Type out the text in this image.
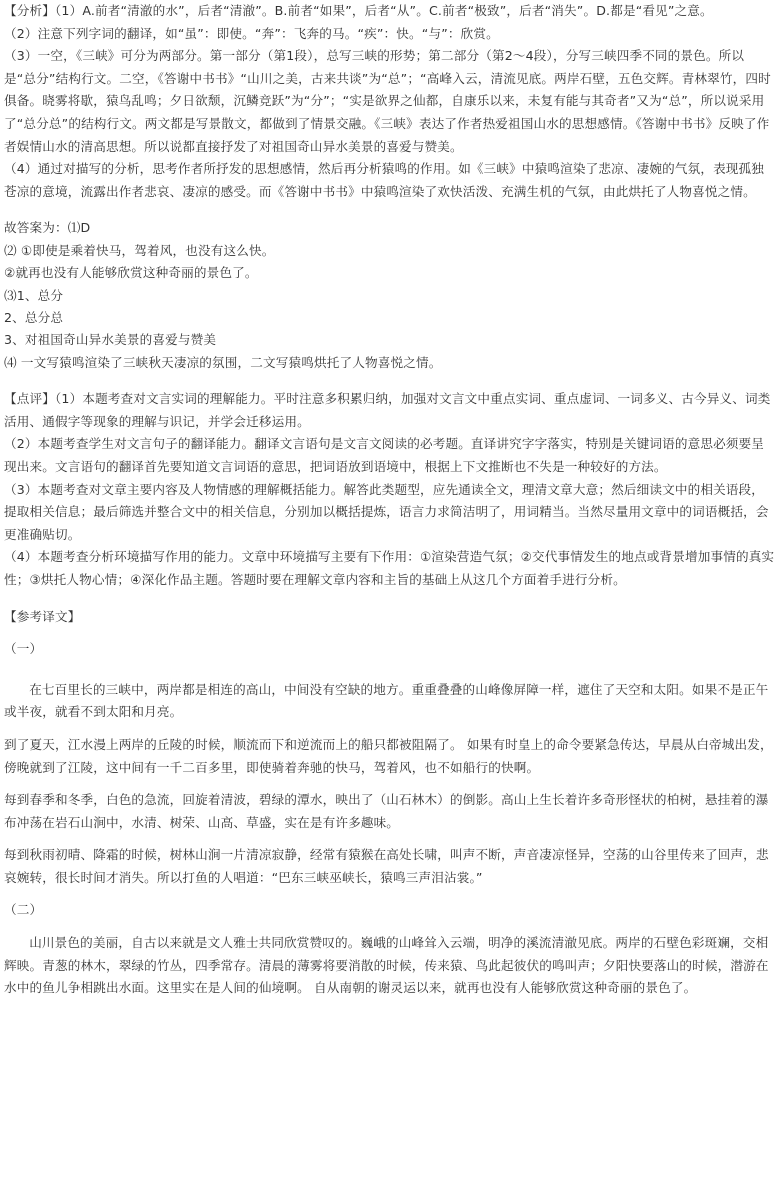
【分析】（1）A.前者“清澈的水”，后者“清澈”。B.前者“如果”，后者“从”。C.前者“极致”，后者“消失”。D.都是“看见”之意。

（2）注意下列字词的翻译，如“虽”：即使。“奔”：飞奔的马。“疾”：快。“与”：欣赏。

（3）一空，《三峡》可分为两部分。第一部分（第1段），总写三峡的形势；第二部分（第2～4段），分写三峡四季不同的景色。所以是“总分”结构行文。二空，《答谢中书书》“山川之美，古来共谈”为“总”；“高峰入云，清流见底。两岸石壁，五色交辉。青林翠竹，四时俱备。晓雾将歇，猿鸟乱鸣；夕日欲颓，沉鳞竞跃”为“分”；“实是欲界之仙都，自康乐以来，未复有能与其奇者”又为“总”，所以说采用了“总分总”的结构行文。两文都是写景散文，都做到了情景交融。《三峡》表达了作者热爱祖国山水的思想感情。《答谢中书书》反映了作者娱情山水的清高思想。所以说都直接抒发了对祖国奇山异水美景的喜爱与赞美。

（4）通过对描写的分析，思考作者所抒发的思想感情，然后再分析猿鸣的作用。如《三峡》中猿鸣渲染了悲凉、凄婉的气氛，表现孤独苍凉的意境，流露出作者悲哀、凄凉的感受。而《答谢中书书》中猿鸣渲染了欢快活泼、充满生机的气氛，由此烘托了人物喜悦之情。

故答案为：⑴D

⑵ ①即使是乘着快马，驾着风，也没有这么快。

②就再也没有人能够欣赏这种奇丽的景色了。

⑶1、总分

2、总分总

3、对祖国奇山异水美景的喜爱与赞美

⑷ 一文写猿鸣渲染了三峡秋天凄凉的氛围，二文写猿鸣烘托了人物喜悦之情。

【点评】（1）本题考查对文言实词的理解能力。平时注意多积累归纳，加强对文言文中重点实词、重点虚词、一词多义、古今异义、词类活用、通假字等现象的理解与识记，并学会迁移运用。

（2）本题考查学生对文言句子的翻译能力。翻译文言语句是文言文阅读的必考题。直译讲究字字落实，特别是关键词语的意思必须要呈现出来。文言语句的翻译首先要知道文言词语的意思，把词语放到语境中，根据上下文推断也不失是一种较好的方法。

（3）本题考查对文章主要内容及人物情感的理解概括能力。解答此类题型，应先通读全文，理清文章大意；然后细读文中的相关语段，提取相关信息；最后筛选并整合文中的相关信息，分别加以概括提炼，语言力求简洁明了，用词精当。当然尽量用文章中的词语概括，会更准确贴切。

（4）本题考查分析环境描写作用的能力。文章中环境描写主要有下作用：①渲染营造气氛；②交代事情发生的地点或背景增加事情的真实性；③烘托人物心情；④深化作品主题。答题时要在理解文章内容和主旨的基础上从这几个方面着手进行分析。

【参考译文】

（一）

在七百里长的三峡中，两岸都是相连的高山，中间没有空缺的地方。重重叠叠的山峰像屏障一样，遮住了天空和太阳。如果不是正午或半夜，就看不到太阳和月亮。

到了夏天，江水漫上两岸的丘陵的时候，顺流而下和逆流而上的船只都被阻隔了。 如果有时皇上的命令要紧急传达，早晨从白帝城出发，傍晚就到了江陵，这中间有一千二百多里，即使骑着奔驰的快马，驾着风，也不如船行的快啊。

每到春季和冬季，白色的急流，回旋着清波，碧绿的潭水，映出了（山石林木）的倒影。高山上生长着许多奇形怪状的柏树，悬挂着的瀑布冲荡在岩石山涧中，水清、树荣、山高、草盛，实在是有许多趣味。

每到秋雨初晴、降霜的时候，树林山涧一片清凉寂静，经常有猿猴在高处长啸，叫声不断，声音凄凉怪异，空荡的山谷里传来了回声，悲哀婉转，很长时间才消失。所以打鱼的人唱道：“巴东三峡巫峡长，猿鸣三声泪沾裳。”

（二）

山川景色的美丽，自古以来就是文人雅士共同欣赏赞叹的。巍峨的山峰耸入云端，明净的溪流清澈见底。两岸的石壁色彩斑斓，交相辉映。青葱的林木，翠绿的竹丛，四季常存。清晨的薄雾将要消散的时候，传来猿、鸟此起彼伏的鸣叫声；夕阳快要落山的时候，潜游在水中的鱼儿争相跳出水面。这里实在是人间的仙境啊。 自从南朝的谢灵运以来，就再也没有人能够欣赏这种奇丽的景色了。
